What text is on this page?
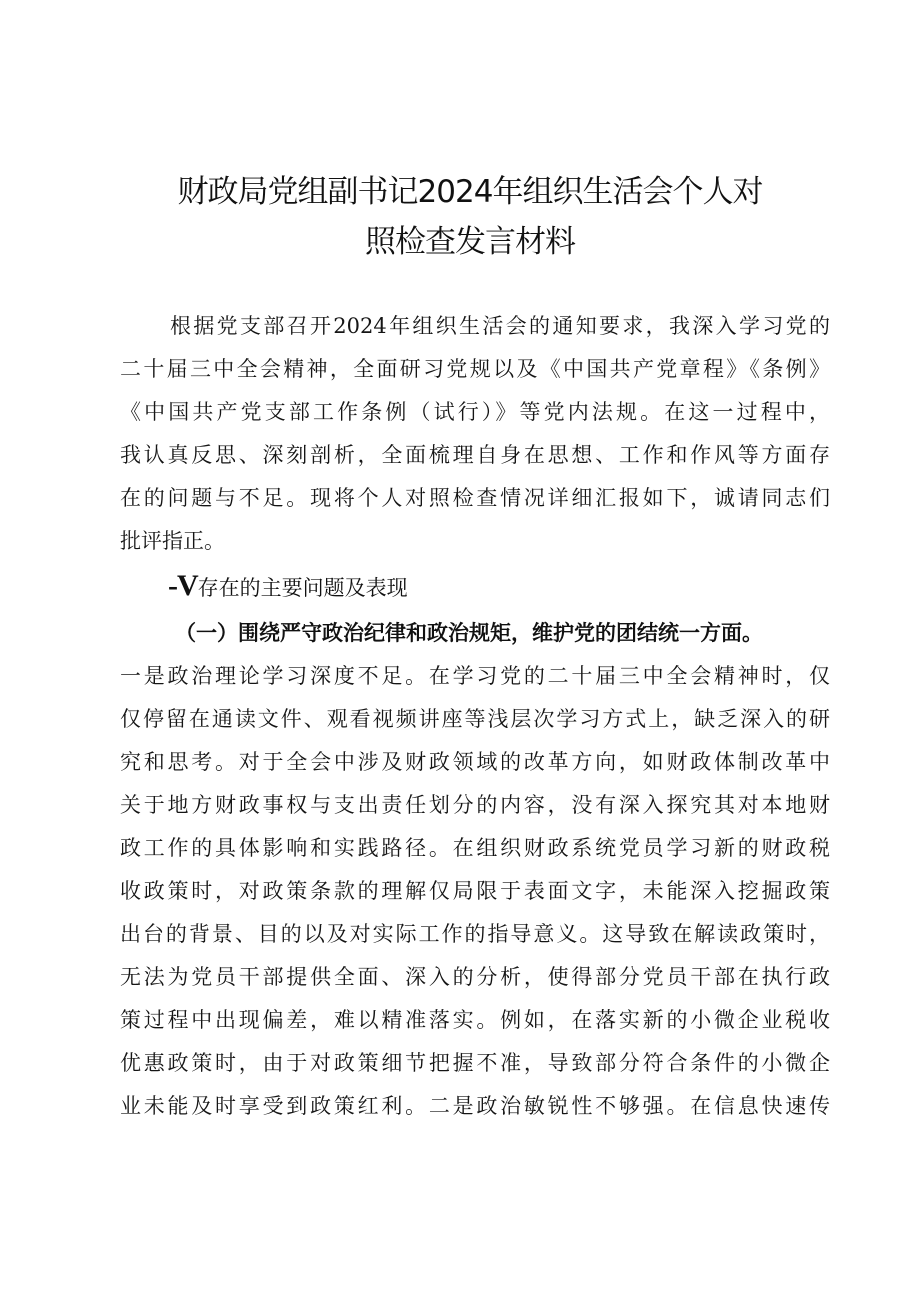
财政局党组副书记2024年组织生活会个人对
照检查发言材料
根据党支部召开2024年组织生活会的通知要求，我深入学习党的
二十届三中全会精神，全面研习党规以及《中国共产党章程》《条例》
《中国共产党支部工作条例（试行）》等党内法规。在这一过程中，
我认真反思、深刻剖析，全面梳理自身在思想、工作和作风等方面存
在的问题与不足。现将个人对照检查情况详细汇报如下，诚请同志们
批评指正。
-V存在的主要问题及表现
（一）围绕严守政治纪律和政治规矩，维护党的团结统一方面。
一是政治理论学习深度不足。在学习党的二十届三中全会精神时，仅
仅停留在通读文件、观看视频讲座等浅层次学习方式上，缺乏深入的研
究和思考。对于全会中涉及财政领域的改革方向，如财政体制改革中
关于地方财政事权与支出责任划分的内容，没有深入探究其对本地财
政工作的具体影响和实践路径。在组织财政系统党员学习新的财政税
收政策时，对政策条款的理解仅局限于表面文字，未能深入挖掘政策
出台的背景、目的以及对实际工作的指导意义。这导致在解读政策时，
无法为党员干部提供全面、深入的分析，使得部分党员干部在执行政
策过程中出现偏差，难以精准落实。例如，在落实新的小微企业税收
优惠政策时，由于对政策细节把握不准，导致部分符合条件的小微企
业未能及时享受到政策红利。二是政治敏锐性不够强。在信息快速传
